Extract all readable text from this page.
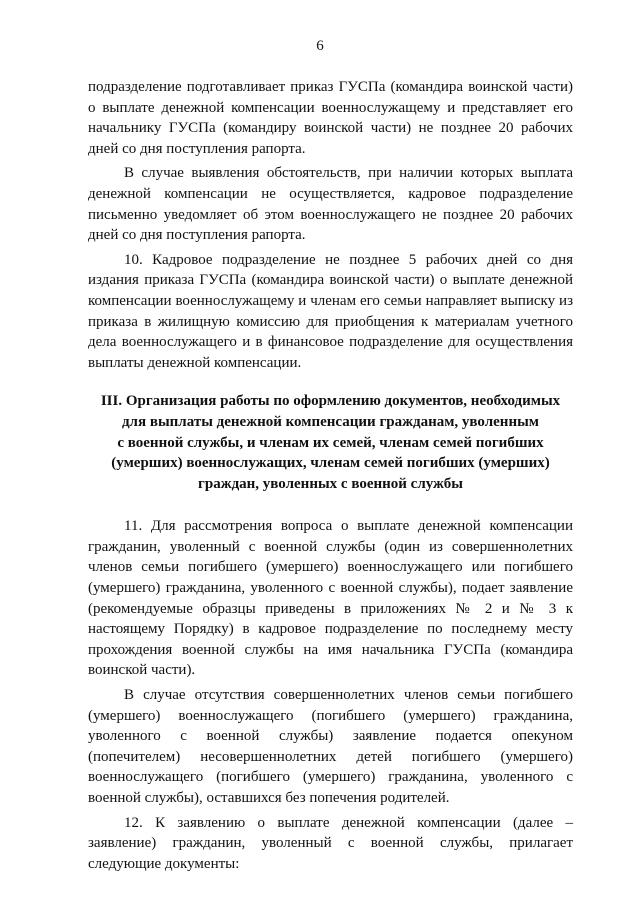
6

подразделение подготавливает приказ ГУСПа (командира воинской части) о выплате денежной компенсации военнослужащему и представляет его начальнику ГУСПа (командиру воинской части) не позднее 20 рабочих дней со дня поступления рапорта.

В случае выявления обстоятельств, при наличии которых выплата денежной компенсации не осуществляется, кадровое подразделение письменно уведомляет об этом военнослужащего не позднее 20 рабочих дней со дня поступления рапорта.

10. Кадровое подразделение не позднее 5 рабочих дней со дня издания приказа ГУСПа (командира воинской части) о выплате денежной компенсации военнослужащему и членам его семьи направляет выписку из приказа в жилищную комиссию для приобщения к материалам учетного дела военнослужащего и в финансовое подразделение для осуществления выплаты денежной компенсации.

III. Организация работы по оформлению документов, необходимых
для выплаты денежной компенсации гражданам, уволенным
с военной службы, и членам их семей, членам семей погибших
(умерших) военнослужащих, членам семей погибших (умерших)
граждан, уволенных с военной службы

11. Для рассмотрения вопроса о выплате денежной компенсации гражданин, уволенный с военной службы (один из совершеннолетних членов семьи погибшего (умершего) военнослужащего или погибшего (умершего) гражданина, уволенного с военной службы), подает заявление (рекомендуемые образцы приведены в приложениях № 2 и № 3 к настоящему Порядку) в кадровое подразделение по последнему месту прохождения военной службы на имя начальника ГУСПа (командира воинской части).

В случае отсутствия совершеннолетних членов семьи погибшего (умершего) военнослужащего (погибшего (умершего) гражданина, уволенного с военной службы) заявление подается опекуном (попечителем) несовершеннолетних детей погибшего (умершего) военнослужащего (погибшего (умершего) гражданина, уволенного с военной службы), оставшихся без попечения родителей.

12. К заявлению о выплате денежной компенсации (далее – заявление) гражданин, уволенный с военной службы, прилагает следующие документы:
